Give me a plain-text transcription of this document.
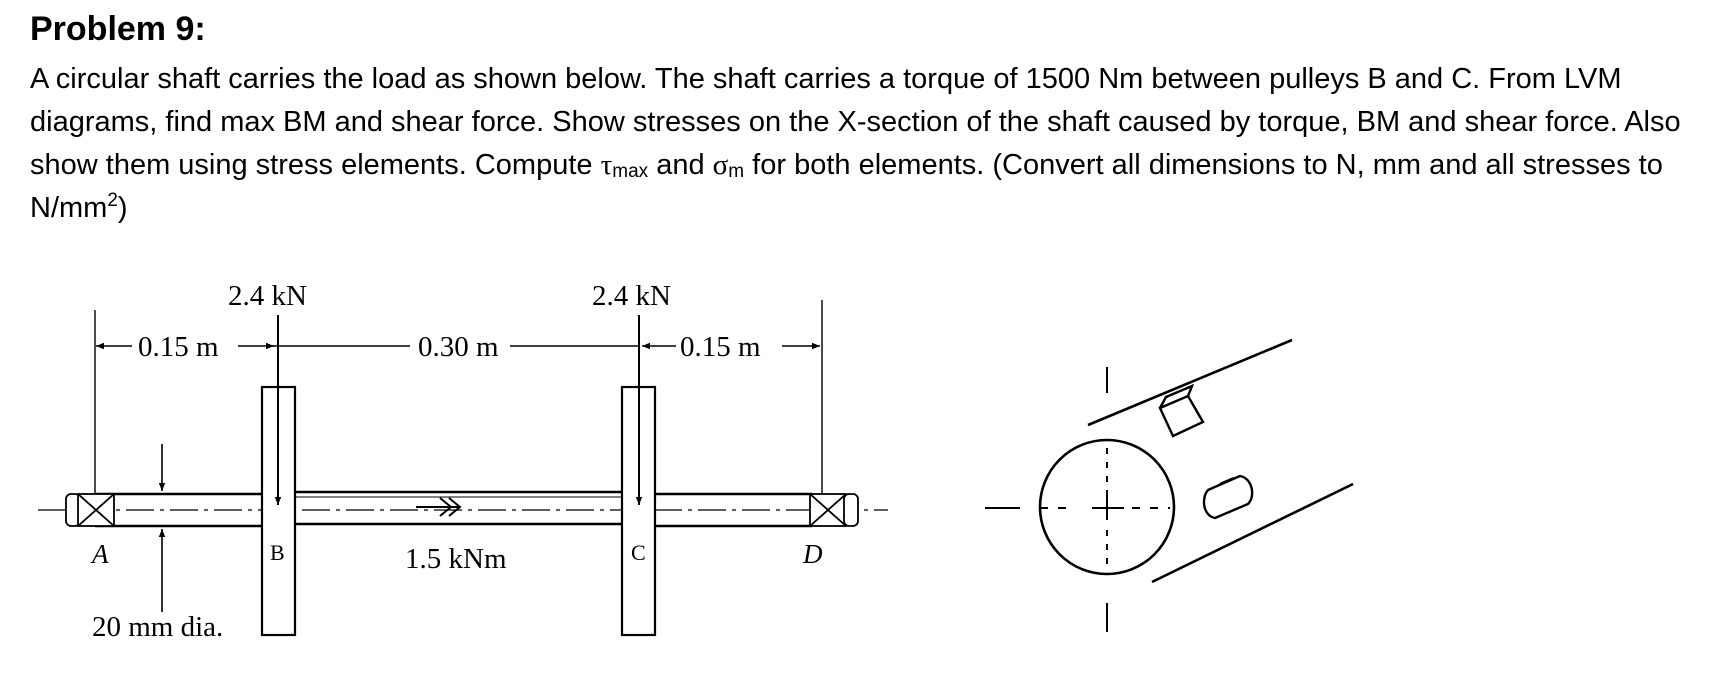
Problem 9:

A circular shaft carries the load as shown below. The shaft carries a torque of 1500 Nm between pulleys B and C. From LVM diagrams, find max BM and shear force. Show stresses on the X-section of the shaft caused by torque, BM and shear force. Also show them using stress elements. Compute $\tau_{max}$ and $\sigma_m$ for both elements. (Convert all dimensions to N, mm and all stresses to $N/mm^2$)

2.4 kN	2.4 kN
0.15 m	0.30 m	0.15 m
A	B	C	D
1.5 kNm
20 mm dia.
